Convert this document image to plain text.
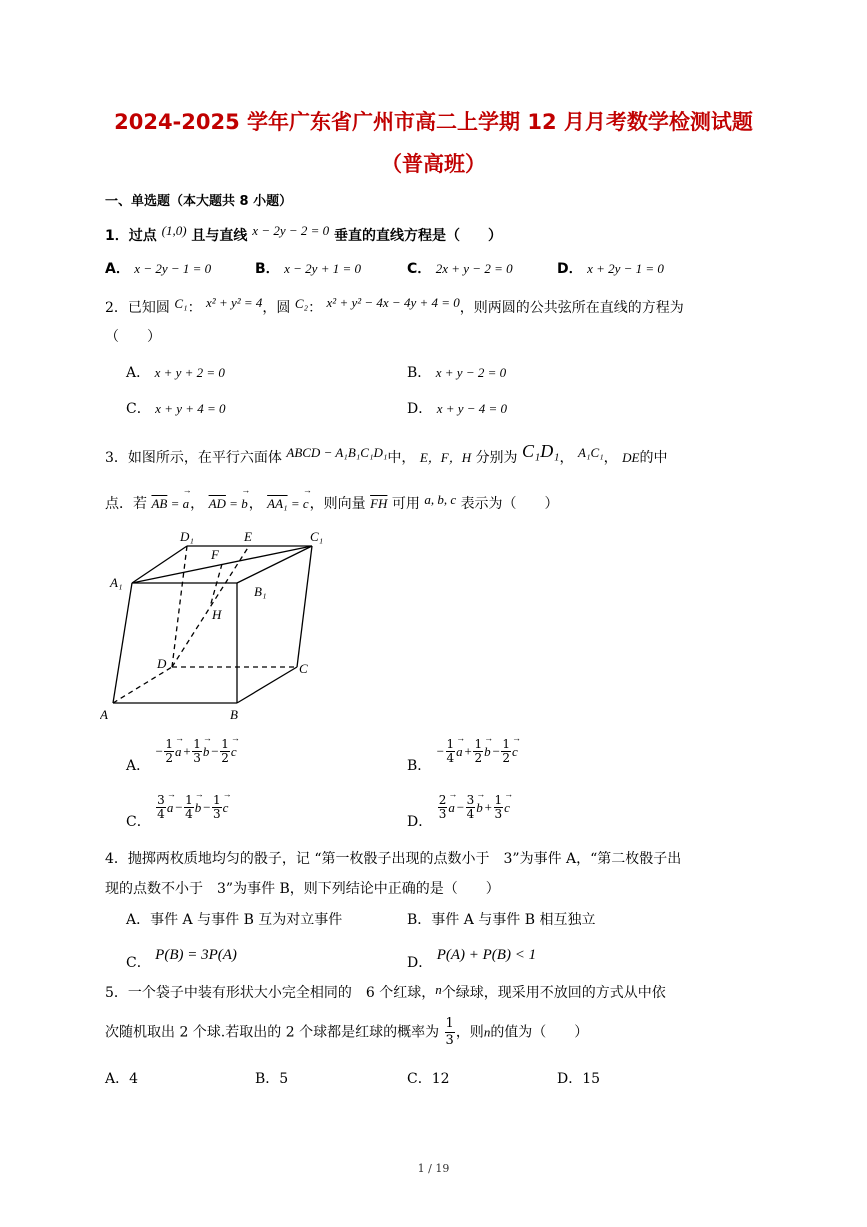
2024-2025 学年广东省广州市高二上学期 12 月月考数学检测试题
（普高班）
一、单选题（本大题共 8 小题）
1．过点 (1,0) 且与直线 x − 2y − 2 = 0 垂直的直线方程是（　　）
A． x − 2y − 1 = 0	B． x − 2y + 1 = 0	C． 2x + y − 2 = 0	D． x + 2y − 1 = 0
2．已知圆 C₁： x² + y² = 4，圆 C₂： x² + y² − 4x − 4y + 4 = 0，则两圆的公共弦所在直线的方程为
（　　）
A． x + y + 2 = 0	B． x + y − 2 = 0
C． x + y + 4 = 0	D． x + y − 4 = 0
3．如图所示，在平行六面体 ABCD − A₁B₁C₁D₁中， E，F，H 分别为 C₁D₁， A₁C₁， DE的中
点．若 $\overline{AB}$ = → a， $\overline{AD}$ = → b， AA₁ = → c，则向量 $\overline{FH}$ 可用 a, b, c 表示为（　　）
A	B
C
D
A₁
B₁
C₁
D₁	E
F
H
A． − $\frac{1}{2} \to a+ \frac{1}{3} \to b- \frac{1}{2} \to c$
B． − $\frac{1}{4} \to a+ \frac{1}{2} \to b- \frac{1}{2} \to c$
C．
$\frac{3}{4} \to a- \frac{1}{4} \to b- \frac{1}{3} \to c$
D．
$\frac{2}{3} \to a- \frac{3}{4} \to b+ \frac{1}{3} \to c$
4．抛掷两枚质地均匀的骰子，记 “第一枚骰子出现的点数小于　3”为事件 A，“第二枚骰子出
现的点数不小于　3”为事件 B，则下列结论中正确的是（　　）
A．事件 A 与事件 B 互为对立事件	B．事件 A 与事件 B 相互独立
C． P(B) = 3P(A)	D． P(A) + P(B) < 1
5．一个袋子中装有形状大小完全相同的　6 个红球，n个绿球，现采用不放回的方式从中依
次随机取出 2 个球.若取出的 2 个球都是红球的概率为 $\frac{1}{3}$ ，则n的值为（　　）
A．4	B．5	C．12	D．15
1 / 19
